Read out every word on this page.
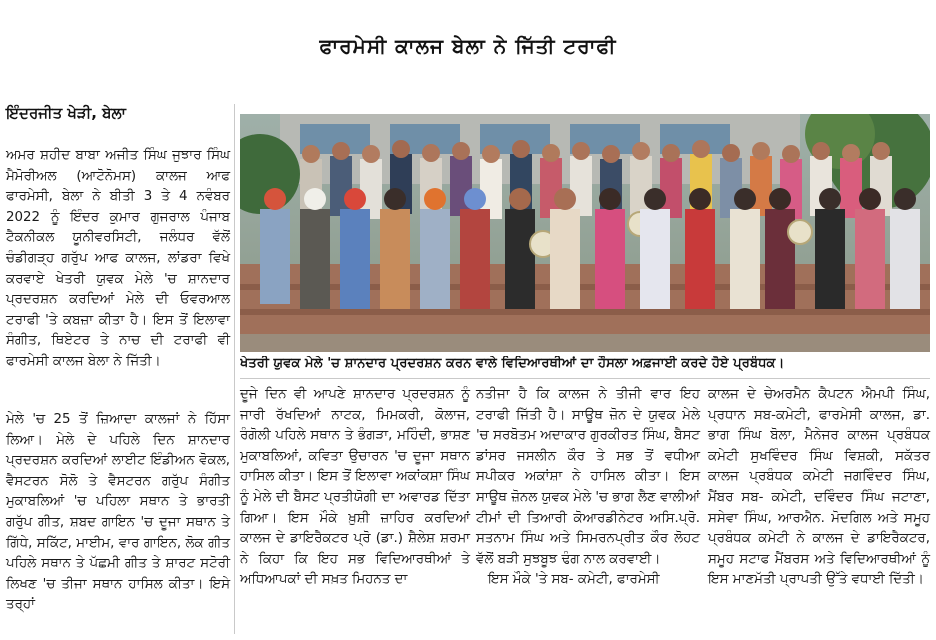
ਫਾਰਮੇਸੀ ਕਾਲਜ ਬੇਲਾ ਨੇ ਜਿੱਤੀ ਟਰਾਫੀ
ਇੰਦਰਜੀਤ ਖੇੜੀ, ਬੇਲਾ

ਅਮਰ ਸ਼ਹੀਦ ਬਾਬਾ ਅਜੀਤ ਸਿੰਘ ਜੁਝਾਰ ਸਿੰਘ ਮੈਮੋਰੀਅਲ (ਆਟੋਨੋਮਸ) ਕਾਲਜ ਆਫ ਫਾਰਮੇਸੀ, ਬੇਲਾ ਨੇ ਬੀਤੀ 3 ਤੇ 4 ਨਵੰਬਰ 2022 ਨੂੰ ਇੰਦਰ ਕੁਮਾਰ ਗੁਜਰਾਲ ਪੰਜਾਬ ਟੈਕਨੀਕਲ ਯੂਨੀਵਰਸਿਟੀ, ਜਲੰਧਰ ਵੱਲੋਂ ਚੰਡੀਗੜ੍ਹ ਗਰੁੱਪ ਆਫ ਕਾਲਜ, ਲਾਂਡਰਾ ਵਿਖੇ ਕਰਵਾਏ ਖੇਤਰੀ ਯੁਵਕ ਮੇਲੇ 'ਚ ਸ਼ਾਨਦਾਰ ਪ੍ਰਦਰਸ਼ਨ ਕਰਦਿਆਂ ਮੇਲੇ ਦੀ ਓਵਰਆਲ ਟਰਾਫੀ 'ਤੇ ਕਬਜ਼ਾ ਕੀਤਾ ਹੈ। ਇਸ ਤੋਂ ਇਲਾਵਾ ਸੰਗੀਤ, ਥਿਏਟਰ ਤੇ ਨਾਚ ਦੀ ਟਰਾਫੀ ਵੀ ਫਾਰਮੇਸੀ ਕਾਲਜ ਬੇਲਾ ਨੇ ਜਿੱਤੀ।

ਮੇਲੇ 'ਚ 25 ਤੋਂ ਜ਼ਿਆਦਾ ਕਾਲਜਾਂ ਨੇ ਹਿੱਸਾ ਲਿਆ। ਮੇਲੇ ਦੇ ਪਹਿਲੇ ਦਿਨ ਸ਼ਾਨਦਾਰ ਪ੍ਰਦਰਸ਼ਨ ਕਰਦਿਆਂ ਲਾਈਟ ਇੰਡੀਅਨ ਵੋਕਲ, ਵੈਸਟਰਨ ਸੋਲੋ ਤੇ ਵੈਸਟਰਨ ਗਰੁੱਪ ਸੰਗੀਤ ਮੁਕਾਬਲਿਆਂ 'ਚ ਪਹਿਲਾ ਸਥਾਨ ਤੇ ਭਾਰਤੀ ਗਰੁੱਪ ਗੀਤ, ਸ਼ਬਦ ਗਾਇਨ 'ਚ ਦੂਜਾ ਸਥਾਨ ਤੇ ਗਿੱਧੇ, ਸਕਿੱਟ, ਮਾਈਮ, ਵਾਰ ਗਾਇਨ, ਲੋਕ ਗੀਤ ਪਹਿਲੇ ਸਥਾਨ ਤੇ ਪੱਛਮੀ ਗੀਤ ਤੇ ਸ਼ਾਰਟ ਸਟੋਰੀ ਲਿਖਣ 'ਚ ਤੀਜਾ ਸਥਾਨ ਹਾਸਿਲ ਕੀਤਾ। ਇਸੇ ਤਰ੍ਹਾਂ

ਖੇਤਰੀ ਯੁਵਕ ਮੇਲੇ 'ਚ ਸ਼ਾਨਦਾਰ ਪ੍ਰਦਰਸ਼ਨ ਕਰਨ ਵਾਲੇ ਵਿਦਿਆਰਥੀਆਂ ਦਾ ਹੌਸਲਾ ਅਫ਼ਜਾਈ ਕਰਦੇ ਹੋਏ ਪ੍ਰਬੰਧਕ।

ਦੂਜੇ ਦਿਨ ਵੀ ਆਪਣੇ ਸ਼ਾਨਦਾਰ ਪ੍ਰਦਰਸ਼ਨ ਨੂੰ ਜਾਰੀ ਰੱਖਦਿਆਂ ਨਾਟਕ, ਮਿਮਕਰੀ, ਕੋਲਾਜ, ਰੰਗੋਲੀ ਪਹਿਲੇ ਸਥਾਨ ਤੇ ਭੰਗੜਾ, ਮਹਿੰਦੀ, ਭਾਸ਼ਣ ਮੁਕਾਬਲਿਆਂ, ਕਵਿਤਾ ਉਚਾਰਨ 'ਚ ਦੂਜਾ ਸਥਾਨ ਹਾਸਿਲ ਕੀਤਾ। ਇਸ ਤੋਂ ਇਲਾਵਾ ਅਕਾਂਕਸ਼ਾ ਸਿੰਘ ਨੂੰ ਮੇਲੇ ਦੀ ਬੈਸਟ ਪ੍ਰਤੀਯੋਗੀ ਦਾ ਅਵਾਰਡ ਦਿੱਤਾ ਗਿਆ। ਇਸ ਮੌਕੇ ਖ਼ੁਸ਼ੀ ਜ਼ਾਹਿਰ ਕਰਦਿਆਂ ਕਾਲਜ ਦੇ ਡਾਇਰੈਕਟਰ ਪ੍ਰੋ (ਡਾ.) ਸ਼ੈਲੇਸ਼ ਸ਼ਰਮਾ ਨੇ ਕਿਹਾ ਕਿ ਇਹ ਸਭ ਵਿਦਿਆਰਥੀਆਂ ਤੇ ਅਧਿਆਪਕਾਂ ਦੀ ਸਖ਼ਤ ਮਿਹਨਤ ਦਾ

ਨਤੀਜਾ ਹੈ ਕਿ ਕਾਲਜ ਨੇ ਤੀਜੀ ਵਾਰ ਇਹ ਟਰਾਫੀ ਜਿੱਤੀ ਹੈ। ਸਾਊਥ ਜ਼ੋਨ ਦੇ ਯੁਵਕ ਮੇਲੇ 'ਚ ਸਰਬੋਤਮ ਅਦਾਕਾਰ ਗੁਰਕੀਰਤ ਸਿੰਘ, ਬੈਸਟ ਡਾਂਸਰ ਜਸਲੀਨ ਕੌਰ ਤੇ ਸਭ ਤੋਂ ਵਧੀਆ ਸਪੀਕਰ ਅਕਾਂਸ਼ਾ ਨੇ ਹਾਸਿਲ ਕੀਤਾ। ਇਸ ਸਾਊਥ ਜ਼ੋਨਲ ਯੁਵਕ ਮੇਲੇ 'ਚ ਭਾਗ ਲੈਣ ਵਾਲੀਆਂ ਟੀਮਾਂ ਦੀ ਤਿਆਰੀ ਕੋਆਰਡੀਨੇਟਰ ਅਸਿ.ਪ੍ਰੋ. ਸਤਨਾਮ ਸਿੰਘ ਅਤੇ ਸਿਮਰਨਪ੍ਰੀਤ ਕੌਰ ਲੋਹਟ ਵੱਲੋਂ ਬੜੀ ਸੁਝਬੂਝ ਢੰਗ ਨਾਲ ਕਰਵਾਈ।

ਇਸ ਮੌਕੇ 'ਤੇ ਸਬ- ਕਮੇਟੀ, ਫਾਰਮੇਸੀ

ਕਾਲਜ ਦੇ ਚੇਅਰਮੈਨ ਕੈਪਟਨ ਐਮਪੀ ਸਿੰਘ, ਪ੍ਰਧਾਨ ਸਬ-ਕਮੇਟੀ, ਫਾਰਮੇਸੀ ਕਾਲਜ, ਡਾ. ਭਾਗ ਸਿੰਘ ਬੋਲਾ, ਮੈਨੇਜਰ ਕਾਲਜ ਪ੍ਰਬੰਧਕ ਕਮੇਟੀ ਸੁਖਵਿੰਦਰ ਸਿੰਘ ਵਿਸ਼ਕੀ, ਸਕੱਤਰ ਕਾਲਜ ਪ੍ਰਬੰਧਕ ਕਮੇਟੀ ਜਗਵਿੰਦਰ ਸਿੰਘ, ਮੈਂਬਰ ਸਬ- ਕਮੇਟੀ, ਦਵਿੰਦਰ ਸਿੰਘ ਜਟਾਣਾ, ਸਸੇਵਾ ਸਿੰਘ, ਆਰਐਨ. ਮੋਦਗਿਲ ਅਤੇ ਸਮੂਹ ਪ੍ਰਬੰਧਕ ਕਮੇਟੀ ਨੇ ਕਾਲਜ ਦੇ ਡਾਇਰੈਕਟਰ, ਸਮੂਹ ਸਟਾਫ ਮੈਂਬਰਸ ਅਤੇ ਵਿਦਿਆਰਥੀਆਂ ਨੂੰ ਇਸ ਮਾਣਮੱਤੀ ਪ੍ਰਾਪਤੀ ਉੱਤੇ ਵਧਾਈ ਦਿੱਤੀ।
